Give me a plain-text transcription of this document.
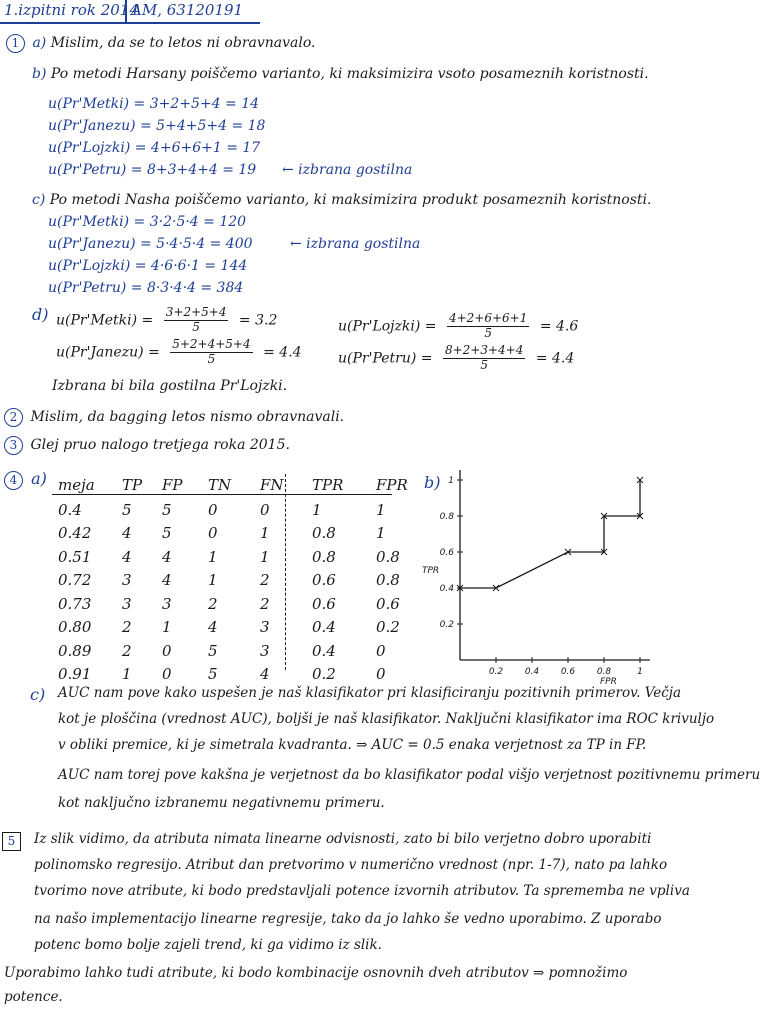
1.izpitni rok 2014
AM, 63120191
1 a) Mislim, da se to letos ni obravnavalo.
b) Po metodi Harsany poiščemo varianto, ki maksimizira vsoto posameznih koristnosti.
u(Pr'Metki) = 3+2+5+4 = 14
u(Pr'Janezu) = 5+4+5+4 = 18
u(Pr'Lojzki) = 4+6+6+1 = 17
u(Pr'Petru) = 8+3+4+4 = 19 ← izbrana gostilna
c) Po metodi Nasha poiščemo varianto, ki maksimizira produkt posameznih koristnosti.
u(Pr'Metki) = 3·2·5·4 = 120
u(Pr'Janezu) = 5·4·5·4 = 400
u(Pr'Lojzki) = 4·6·6·1 = 144
u(Pr'Petru) = 8·3·4·4 = 384
← izbrana gostilna
d) u(Pr'Metki) = $\frac{3+2+5+4}{5} = 3.2$
u(Pr'Janezu) = $\frac{5+2+4+5+4}{5} = 4.4$
u(Pr'Lojzki) = $\frac{4+2+6+6+1}{5} = 4.6$
u(Pr'Petru) = $\frac{8+2+3+4+4}{5} = 4.4$
Izbrana bi bila gostilna Pr'Lojzki.
2 Mislim, da bagging letos nismo obravnavali.
3 Glej pruo nalogo tretjega roka 2015.
4 a) meja	TP	FP	TN	FN	TPR	FPR
0.4	5	5	0	0	1	1
0.42	4	5	0	1	0.8	1
0.51	4	4	1	1	0.8	0.8
0.72	3	4	1	2	0.6	0.8
0.73	3	3	2	2	0.6	0.6
0.80	2	1	4	3	0.4	0.2
0.89	2	0	5	3	0.4	0
0.91	1	0	5	4	0.2	0
b)
0.2 0.4 0.6 0.8	1
0.2
0.4
0.6
0.8
1
TPR
FPR
c) AUC nam pove kako uspešen je naš klasifikator pri klasificiranju pozitivnih primerov. Večja
kot je ploščina (vrednost AUC), boljši je naš klasifikator. Naključni klasifikator ima ROC krivuljo
v obliki premice, ki je simetrala kvadranta. ⇒ AUC = 0.5 enaka verjetnost za TP in FP.
AUC nam torej pove kakšna je verjetnost da bo klasifikator podal višjo verjetnost pozitivnemu primeru
kot naključno izbranemu negativnemu primeru.
5	Iz slik vidimo, da atributa nimata linearne odvisnosti, zato bi bilo verjetno dobro uporabiti
polinomsko regresijo. Atribut dan pretvorimo v numerično vrednost (npr. 1-7), nato pa lahko
tvorimo nove atribute, ki bodo predstavljali potence izvornih atributov. Ta sprememba ne vpliva
na našo implementacijo linearne regresije, tako da jo lahko še vedno uporabimo. Z uporabo
potenc bomo bolje zajeli trend, ki ga vidimo iz slik.
Uporabimo lahko tudi atribute, ki bodo kombinacije osnovnih dveh atributov ⇒ pomnožimo
potence.
